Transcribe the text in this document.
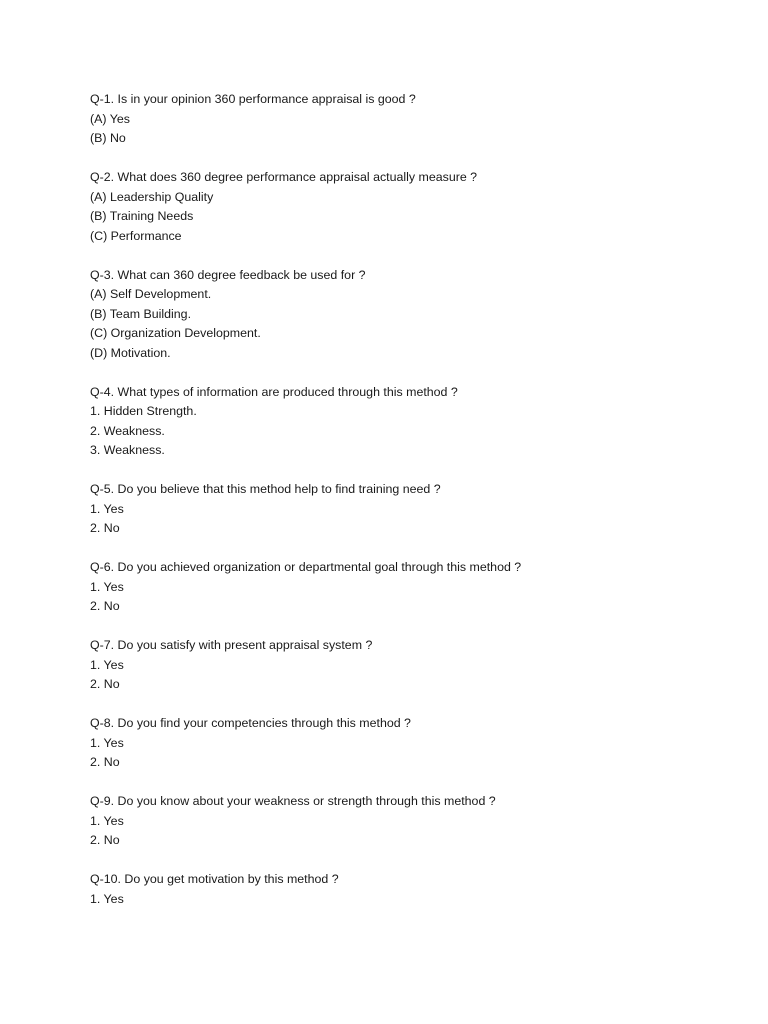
Q-1. Is in your opinion 360 performance appraisal is good ?
(A) Yes
(B) No
Q-2. What does 360 degree performance appraisal actually measure ?
(A) Leadership Quality
(B) Training Needs
(C) Performance
Q-3. What can 360 degree feedback be used for ?
(A) Self Development.
(B) Team Building.
(C) Organization Development.
(D) Motivation.
Q-4. What types of information are produced through this method ?
1. Hidden Strength.
2. Weakness.
3. Weakness.
Q-5. Do you believe that this method help to find training need ?
1. Yes
2. No
Q-6. Do you achieved organization or departmental goal through this method ?
1. Yes
2. No
Q-7. Do you satisfy with present appraisal system ?
1. Yes
2. No
Q-8. Do you find your competencies through this method ?
1. Yes
2. No
Q-9. Do you know about your weakness or strength through this method ?
1. Yes
2. No
Q-10. Do you get motivation by this method ?
1. Yes
